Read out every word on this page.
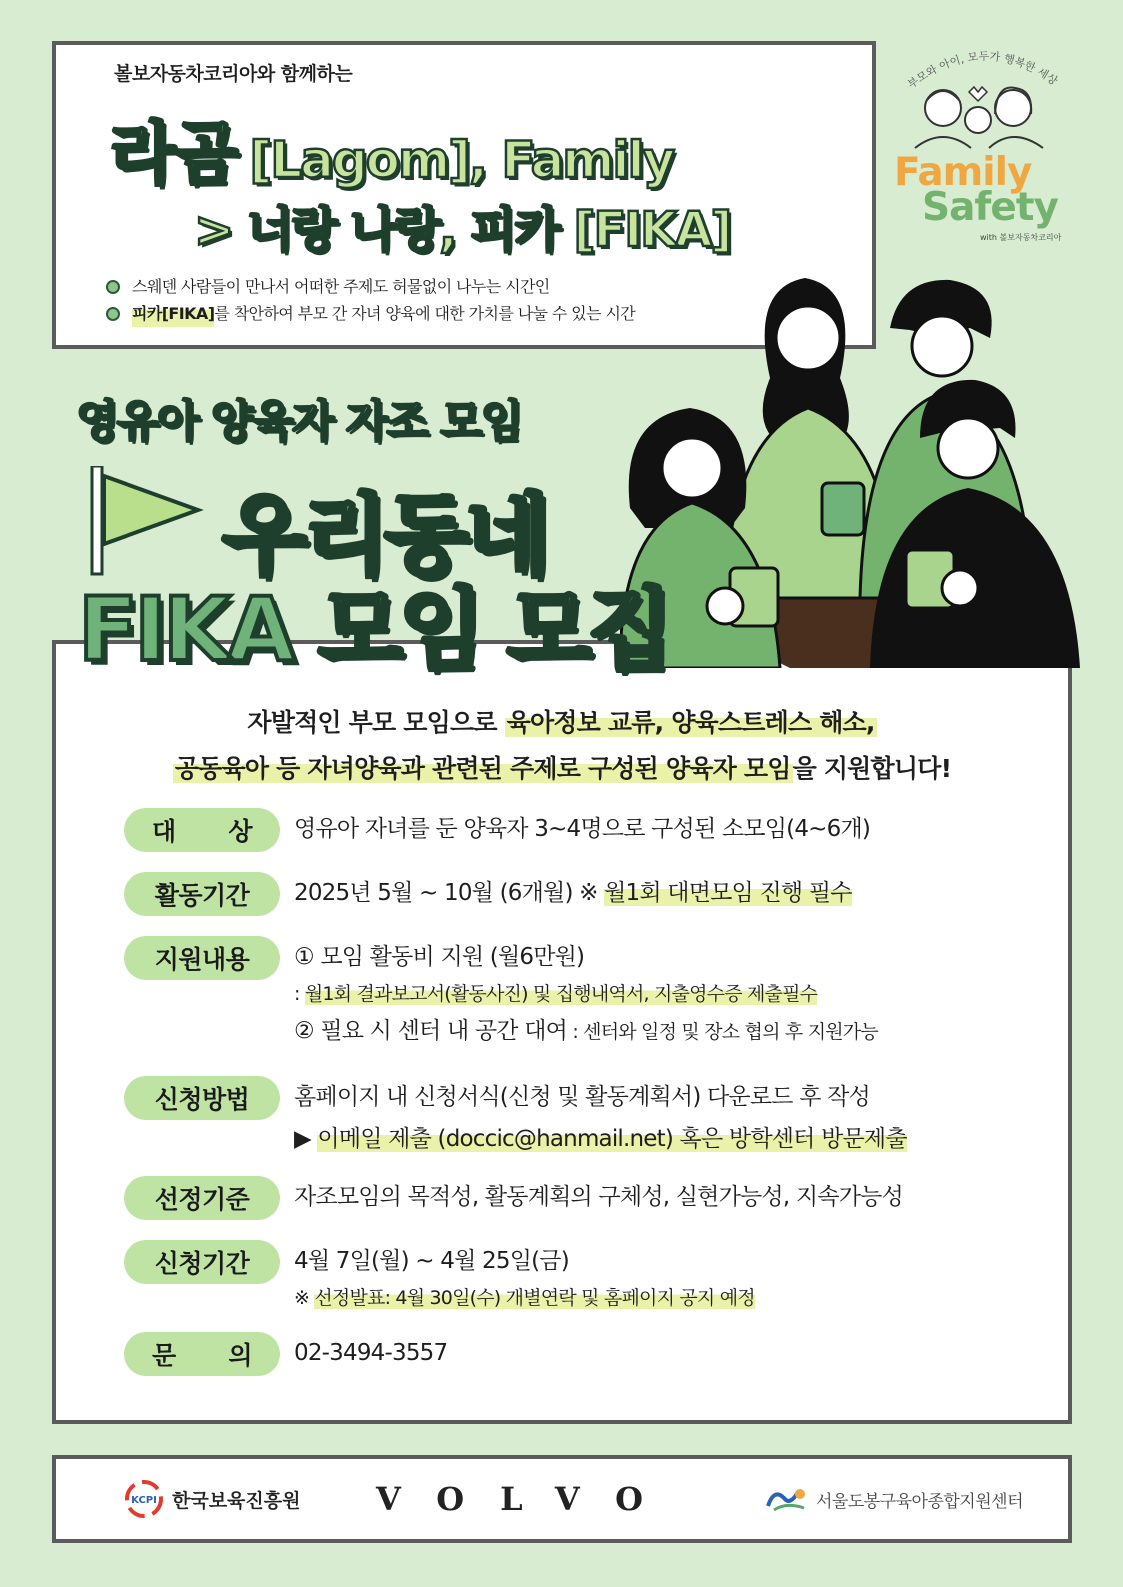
볼보자동차코리아와 함께하는
라곰 [Lagom], Family
> 너랑 나랑, 피카 [FIKA]
스웨덴 사람들이 만나서 어떠한 주제도 허물없이 나누는 시간인
피카[FIKA] 를 착안하여 부모 간 자녀 양육에 대한 가치를 나눌 수 있는 시간
부모와 아이, 모두가 행복한 세상
Family
Safety
with 볼보자동차코리아
영유아 양육자 자조 모임
우리동네
자발적인 부모 모임으로 육아정보 교류, 양육스트레스 해소,
공동육아 등 자녀양육과 관련된 주제로 구성된 양육자 모임을 지원합니다!
대 상 영유아 자녀를 둔 양육자 3~4명으로 구성된 소모임(4~6개)
활동기간	2025년 5월 ~ 10월 (6개월) ※ 월1회 대면모임 진행 필수
지원내용	① 모임 활동비 지원 (월6만원)
: 월1회 결과보고서(활동사진) 및 집행내역서, 지출영수증 제출필수
② 필요 시 센터 내 공간 대여 : 센터와 일정 및 장소 협의 후 지원가능
신청방법	홈페이지 내 신청서식(신청 및 활동계획서) 다운로드 후 작성
▶ 이메일 제출 (doccic@hanmail.net) 혹은 방학센터 방문제출
선정기준	자조모임의 목적성, 활동계획의 구체성, 실현가능성, 지속가능성
신청기간	4월 7일(월) ~ 4월 25일(금)
※ 선정발표: 4월 30일(수) 개별연락 및 홈페이지 공지 예정
문 의 02-3494-3557
FIKA 모임 모집
KCPI 한국보육진흥원 VOLVO	서울도봉구육아종합지원센터
